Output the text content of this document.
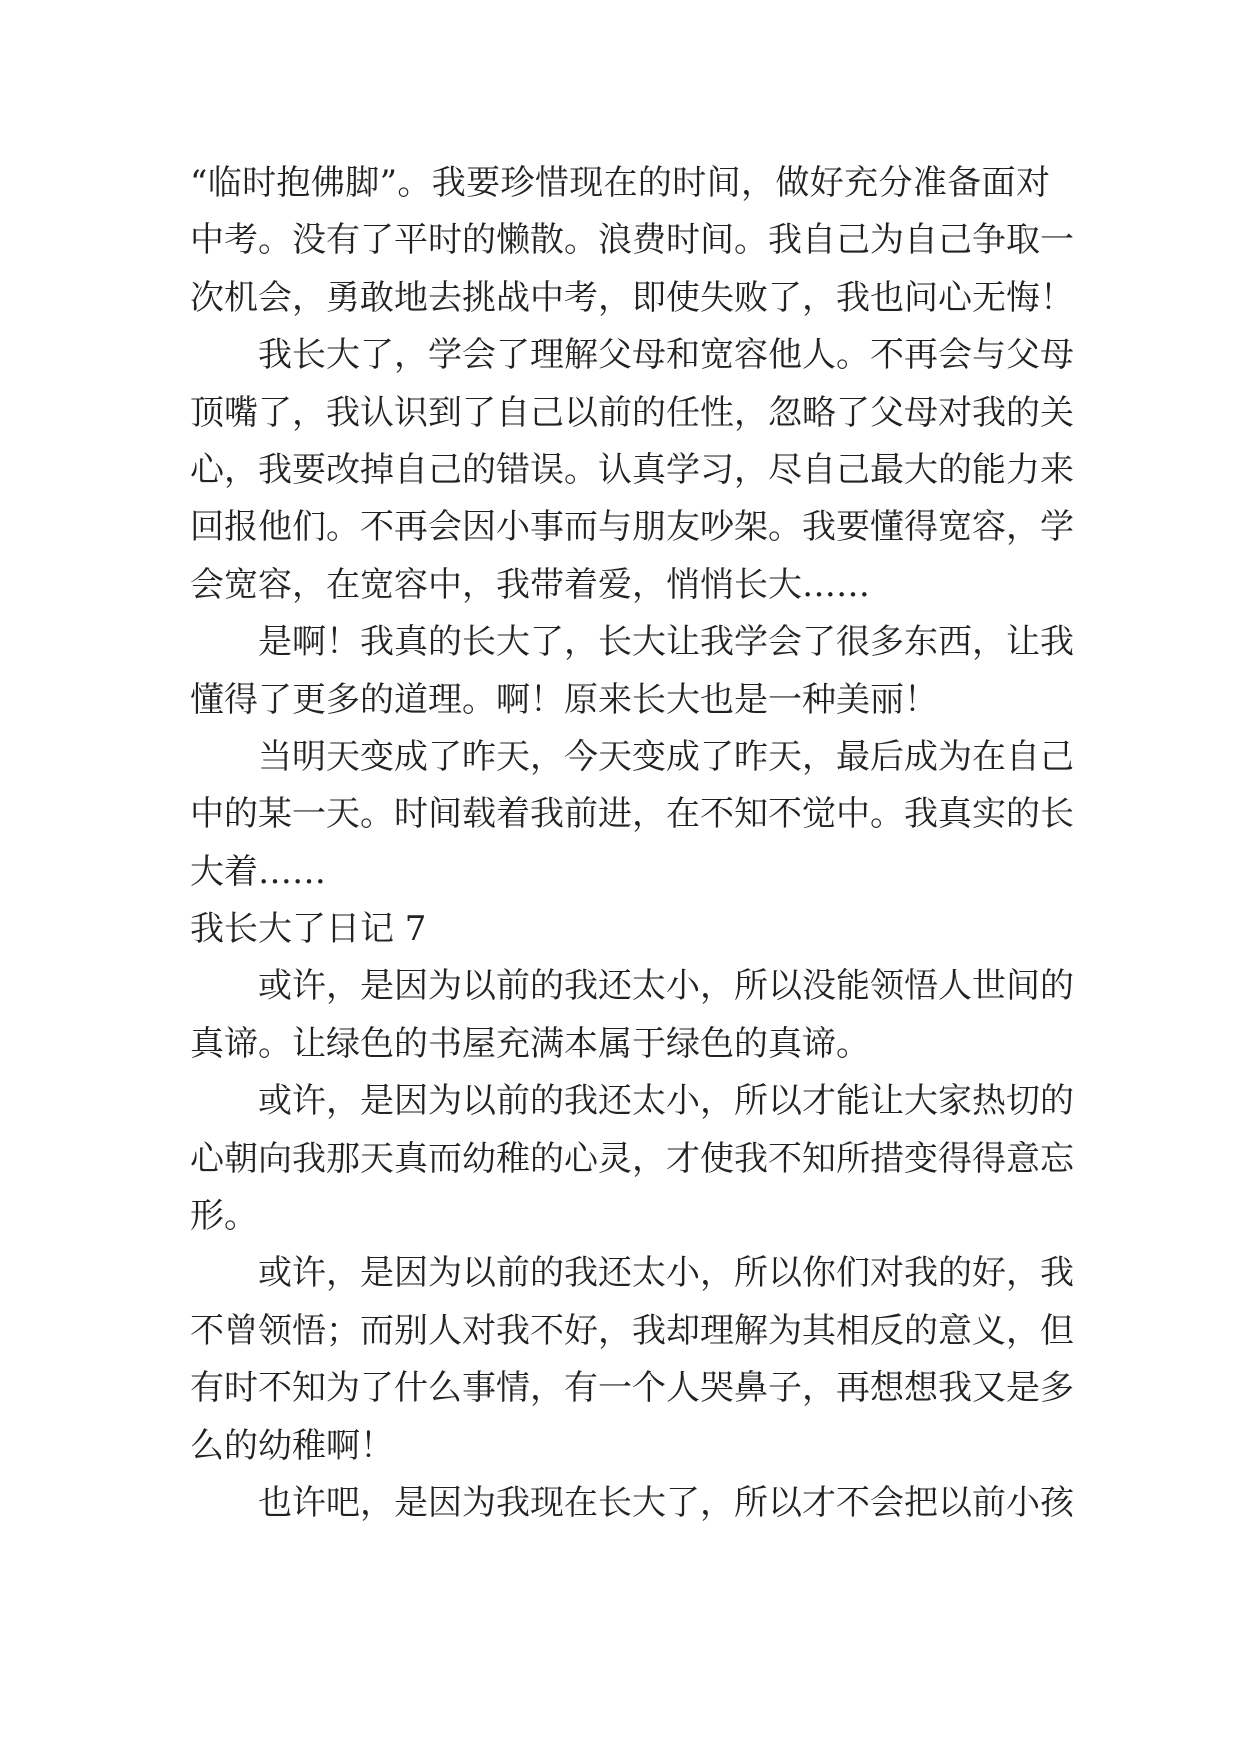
“临时抱佛脚”。我要珍惜现在的时间，做好充分准备面对
中考。没有了平时的懒散。浪费时间。我自己为自己争取一
次机会，勇敢地去挑战中考，即使失败了，我也问心无悔！
我长大了，学会了理解父母和宽容他人。不再会与父母
顶嘴了，我认识到了自己以前的任性，忽略了父母对我的关
心，我要改掉自己的错误。认真学习，尽自己最大的能力来
回报他们。不再会因小事而与朋友吵架。我要懂得宽容，学
会宽容，在宽容中，我带着爱，悄悄长大……
是啊！我真的长大了，长大让我学会了很多东西，让我
懂得了更多的道理。啊！原来长大也是一种美丽！
当明天变成了昨天，今天变成了昨天，最后成为在自己
中的某一天。时间载着我前进，在不知不觉中。我真实的长
大着……
我长大了日记 7
或许，是因为以前的我还太小，所以没能领悟人世间的
真谛。让绿色的书屋充满本属于绿色的真谛。
或许，是因为以前的我还太小，所以才能让大家热切的
心朝向我那天真而幼稚的心灵，才使我不知所措变得得意忘
形。
或许，是因为以前的我还太小，所以你们对我的好，我
不曾领悟；而别人对我不好，我却理解为其相反的意义，但
有时不知为了什么事情，有一个人哭鼻子，再想想我又是多
么的幼稚啊！
也许吧，是因为我现在长大了，所以才不会把以前小孩
